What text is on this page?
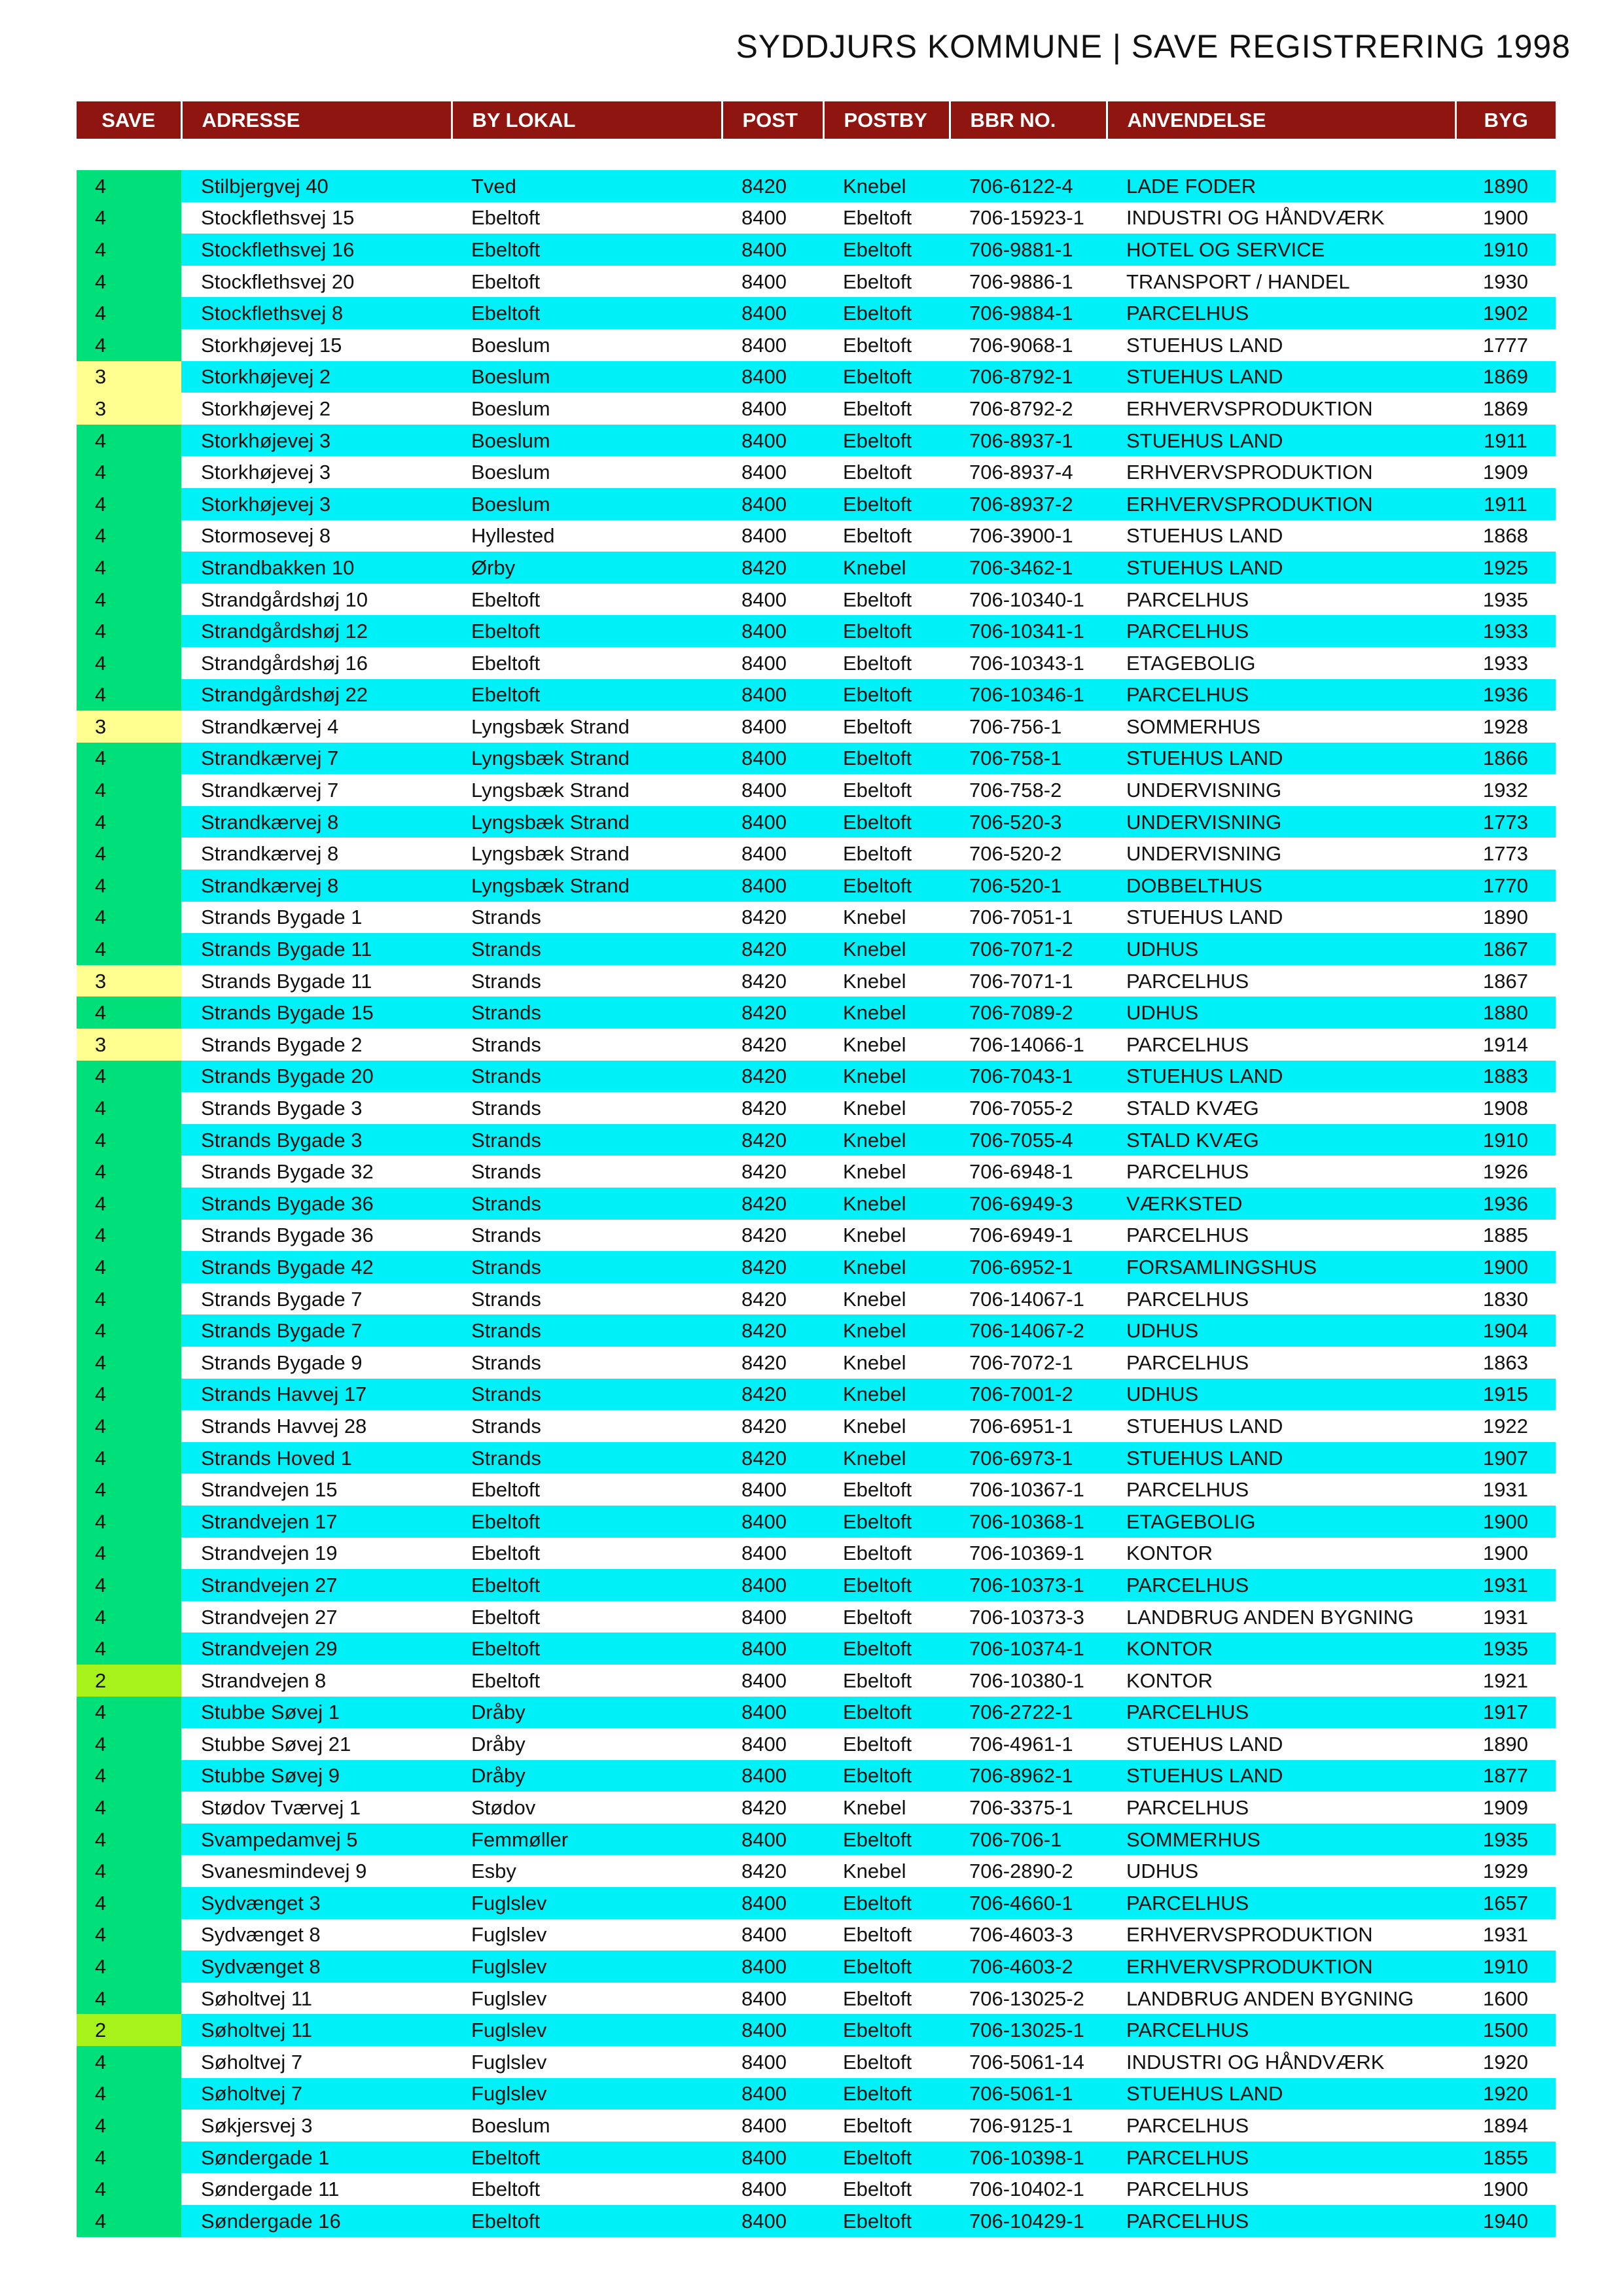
SYDDJURS KOMMUNE | SAVE REGISTRERING 1998
SAVE	ADRESSE	BY LOKAL	POST	POSTBY	BBR NO.	ANVENDELSE	BYG

4	Stilbjergvej 40	Tved	8420	Knebel	706-6122-4	LADE FODER	1890
4	Stockflethsvej 15	Ebeltoft	8400	Ebeltoft	706-15923-1	INDUSTRI OG HÅNDVÆRK	1900
4	Stockflethsvej 16	Ebeltoft	8400	Ebeltoft	706-9881-1	HOTEL OG SERVICE	1910
4	Stockflethsvej 20	Ebeltoft	8400	Ebeltoft	706-9886-1	TRANSPORT / HANDEL	1930
4	Stockflethsvej 8	Ebeltoft	8400	Ebeltoft	706-9884-1	PARCELHUS	1902
4	Storkhøjevej 15	Boeslum	8400	Ebeltoft	706-9068-1	STUEHUS LAND	1777
3	Storkhøjevej 2	Boeslum	8400	Ebeltoft	706-8792-1	STUEHUS LAND	1869
3	Storkhøjevej 2	Boeslum	8400	Ebeltoft	706-8792-2	ERHVERVSPRODUKTION	1869
4	Storkhøjevej 3	Boeslum	8400	Ebeltoft	706-8937-1	STUEHUS LAND	1911
4	Storkhøjevej 3	Boeslum	8400	Ebeltoft	706-8937-4	ERHVERVSPRODUKTION	1909
4	Storkhøjevej 3	Boeslum	8400	Ebeltoft	706-8937-2	ERHVERVSPRODUKTION	1911
4	Stormosevej 8	Hyllested	8400	Ebeltoft	706-3900-1	STUEHUS LAND	1868
4	Strandbakken 10	Ørby	8420	Knebel	706-3462-1	STUEHUS LAND	1925
4	Strandgårdshøj 10	Ebeltoft	8400	Ebeltoft	706-10340-1	PARCELHUS	1935
4	Strandgårdshøj 12	Ebeltoft	8400	Ebeltoft	706-10341-1	PARCELHUS	1933
4	Strandgårdshøj 16	Ebeltoft	8400	Ebeltoft	706-10343-1	ETAGEBOLIG	1933
4	Strandgårdshøj 22	Ebeltoft	8400	Ebeltoft	706-10346-1	PARCELHUS	1936
3	Strandkærvej 4	Lyngsbæk Strand	8400	Ebeltoft	706-756-1	SOMMERHUS	1928
4	Strandkærvej 7	Lyngsbæk Strand	8400	Ebeltoft	706-758-1	STUEHUS LAND	1866
4	Strandkærvej 7	Lyngsbæk Strand	8400	Ebeltoft	706-758-2	UNDERVISNING	1932
4	Strandkærvej 8	Lyngsbæk Strand	8400	Ebeltoft	706-520-3	UNDERVISNING	1773
4	Strandkærvej 8	Lyngsbæk Strand	8400	Ebeltoft	706-520-2	UNDERVISNING	1773
4	Strandkærvej 8	Lyngsbæk Strand	8400	Ebeltoft	706-520-1	DOBBELTHUS	1770
4	Strands Bygade 1	Strands	8420	Knebel	706-7051-1	STUEHUS LAND	1890
4	Strands Bygade 11	Strands	8420	Knebel	706-7071-2	UDHUS	1867
3	Strands Bygade 11	Strands	8420	Knebel	706-7071-1	PARCELHUS	1867
4	Strands Bygade 15	Strands	8420	Knebel	706-7089-2	UDHUS	1880
3	Strands Bygade 2	Strands	8420	Knebel	706-14066-1	PARCELHUS	1914
4	Strands Bygade 20	Strands	8420	Knebel	706-7043-1	STUEHUS LAND	1883
4	Strands Bygade 3	Strands	8420	Knebel	706-7055-2	STALD KVÆG	1908
4	Strands Bygade 3	Strands	8420	Knebel	706-7055-4	STALD KVÆG	1910
4	Strands Bygade 32	Strands	8420	Knebel	706-6948-1	PARCELHUS	1926
4	Strands Bygade 36	Strands	8420	Knebel	706-6949-3	VÆRKSTED	1936
4	Strands Bygade 36	Strands	8420	Knebel	706-6949-1	PARCELHUS	1885
4	Strands Bygade 42	Strands	8420	Knebel	706-6952-1	FORSAMLINGSHUS	1900
4	Strands Bygade 7	Strands	8420	Knebel	706-14067-1	PARCELHUS	1830
4	Strands Bygade 7	Strands	8420	Knebel	706-14067-2	UDHUS	1904
4	Strands Bygade 9	Strands	8420	Knebel	706-7072-1	PARCELHUS	1863
4	Strands Havvej 17	Strands	8420	Knebel	706-7001-2	UDHUS	1915
4	Strands Havvej 28	Strands	8420	Knebel	706-6951-1	STUEHUS LAND	1922
4	Strands Hoved 1	Strands	8420	Knebel	706-6973-1	STUEHUS LAND	1907
4	Strandvejen 15	Ebeltoft	8400	Ebeltoft	706-10367-1	PARCELHUS	1931
4	Strandvejen 17	Ebeltoft	8400	Ebeltoft	706-10368-1	ETAGEBOLIG	1900
4	Strandvejen 19	Ebeltoft	8400	Ebeltoft	706-10369-1	KONTOR	1900
4	Strandvejen 27	Ebeltoft	8400	Ebeltoft	706-10373-1	PARCELHUS	1931
4	Strandvejen 27	Ebeltoft	8400	Ebeltoft	706-10373-3	LANDBRUG ANDEN BYGNING	1931
4	Strandvejen 29	Ebeltoft	8400	Ebeltoft	706-10374-1	KONTOR	1935
2	Strandvejen 8	Ebeltoft	8400	Ebeltoft	706-10380-1	KONTOR	1921
4	Stubbe Søvej 1	Dråby	8400	Ebeltoft	706-2722-1	PARCELHUS	1917
4	Stubbe Søvej 21	Dråby	8400	Ebeltoft	706-4961-1	STUEHUS LAND	1890
4	Stubbe Søvej 9	Dråby	8400	Ebeltoft	706-8962-1	STUEHUS LAND	1877
4	Stødov Tværvej 1	Stødov	8420	Knebel	706-3375-1	PARCELHUS	1909
4	Svampedamvej 5	Femmøller	8400	Ebeltoft	706-706-1	SOMMERHUS	1935
4	Svanesmindevej 9	Esby	8420	Knebel	706-2890-2	UDHUS	1929
4	Sydvænget 3	Fuglslev	8400	Ebeltoft	706-4660-1	PARCELHUS	1657
4	Sydvænget 8	Fuglslev	8400	Ebeltoft	706-4603-3	ERHVERVSPRODUKTION	1931
4	Sydvænget 8	Fuglslev	8400	Ebeltoft	706-4603-2	ERHVERVSPRODUKTION	1910
4	Søholtvej 11	Fuglslev	8400	Ebeltoft	706-13025-2	LANDBRUG ANDEN BYGNING	1600
2	Søholtvej 11	Fuglslev	8400	Ebeltoft	706-13025-1	PARCELHUS	1500
4	Søholtvej 7	Fuglslev	8400	Ebeltoft	706-5061-14	INDUSTRI OG HÅNDVÆRK	1920
4	Søholtvej 7	Fuglslev	8400	Ebeltoft	706-5061-1	STUEHUS LAND	1920
4	Søkjersvej 3	Boeslum	8400	Ebeltoft	706-9125-1	PARCELHUS	1894
4	Søndergade 1	Ebeltoft	8400	Ebeltoft	706-10398-1	PARCELHUS	1855
4	Søndergade 11	Ebeltoft	8400	Ebeltoft	706-10402-1	PARCELHUS	1900
4	Søndergade 16	Ebeltoft	8400	Ebeltoft	706-10429-1	PARCELHUS	1940
